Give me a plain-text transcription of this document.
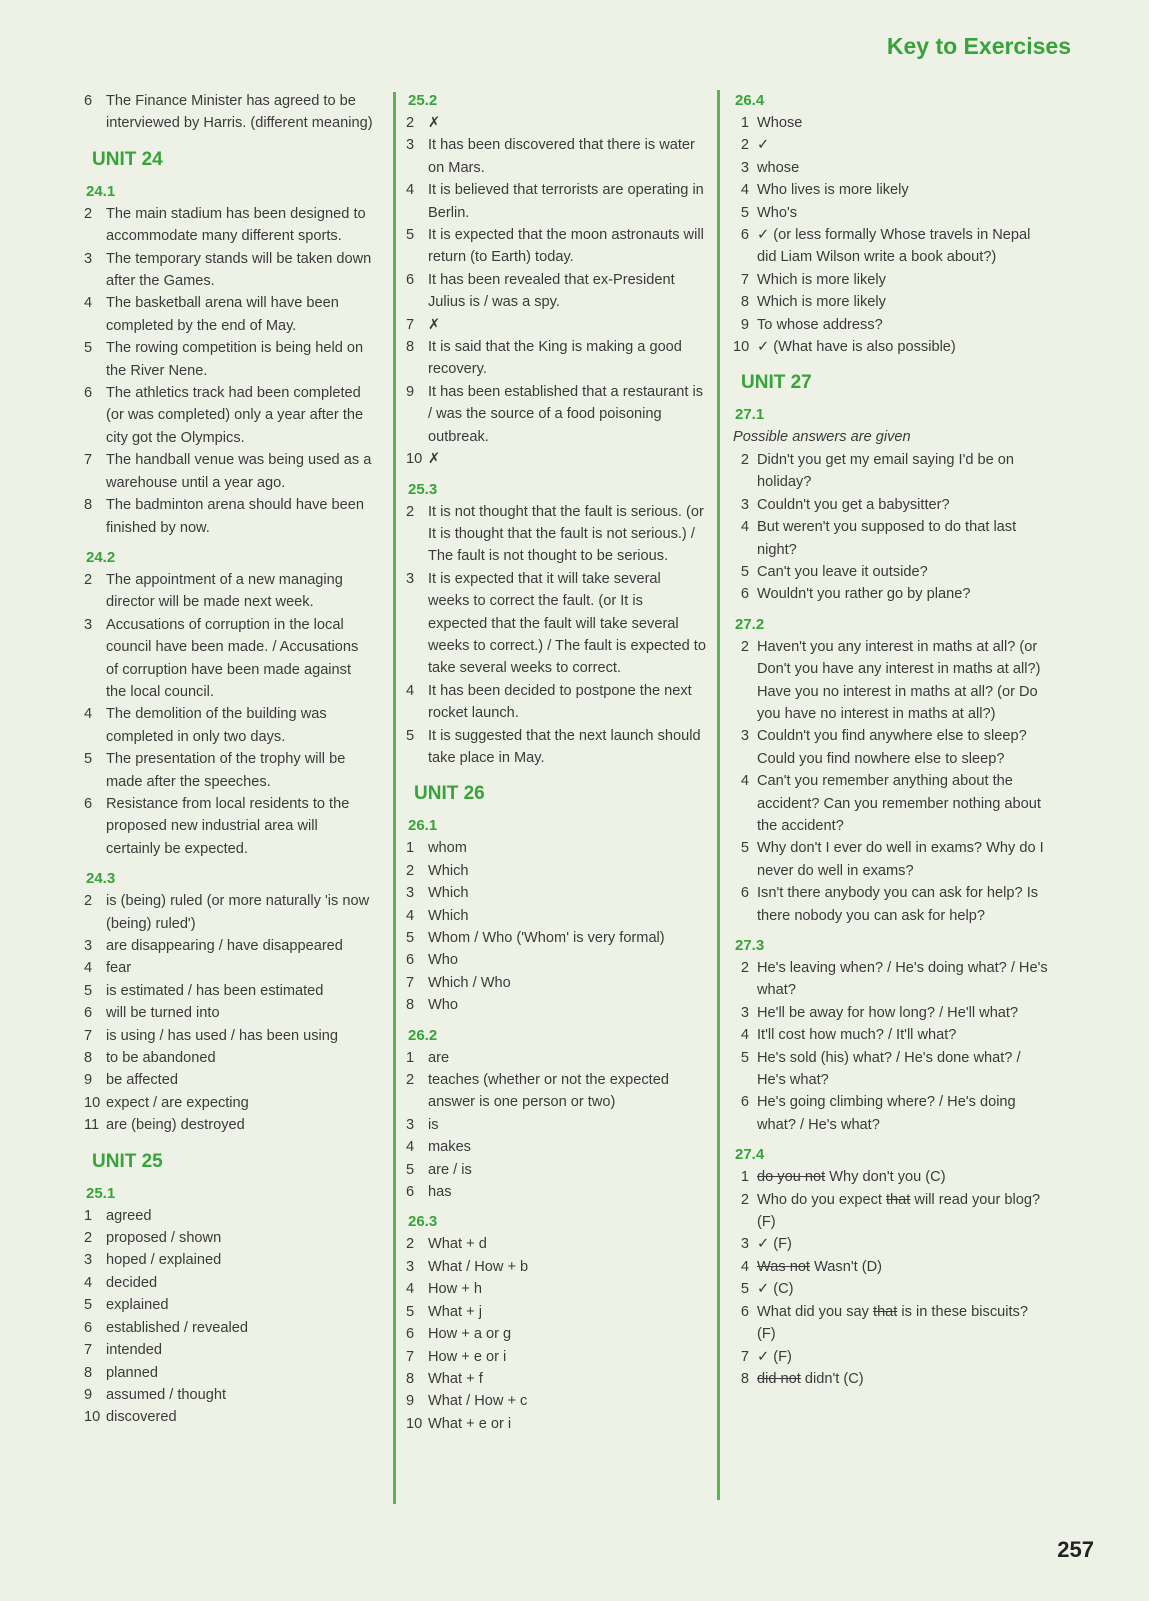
Key to Exercises
6 The Finance Minister has agreed to be interviewed by Harris. (different meaning)
UNIT 24
24.1
2 The main stadium has been designed to accommodate many different sports.
3 The temporary stands will be taken down after the Games.
4 The basketball arena will have been completed by the end of May.
5 The rowing competition is being held on the River Nene.
6 The athletics track had been completed (or was completed) only a year after the city got the Olympics.
7 The handball venue was being used as a warehouse until a year ago.
8 The badminton arena should have been finished by now.
24.2
2 The appointment of a new managing director will be made next week.
3 Accusations of corruption in the local council have been made. / Accusations of corruption have been made against the local council.
4 The demolition of the building was completed in only two days.
5 The presentation of the trophy will be made after the speeches.
6 Resistance from local residents to the proposed new industrial area will certainly be expected.
24.3
2 is (being) ruled (or more naturally 'is now (being) ruled')
3 are disappearing / have disappeared
4 fear
5 is estimated / has been estimated
6 will be turned into
7 is using / has used / has been using
8 to be abandoned
9 be affected
10 expect / are expecting
11 are (being) destroyed
UNIT 25
25.1
1 agreed
2 proposed / shown
3 hoped / explained
4 decided
5 explained
6 established / revealed
7 intended
8 planned
9 assumed / thought
10 discovered
25.2
2 ✗
3 It has been discovered that there is water on Mars.
4 It is believed that terrorists are operating in Berlin.
5 It is expected that the moon astronauts will return (to Earth) today.
6 It has been revealed that ex-President Julius is / was a spy.
7 ✗
8 It is said that the King is making a good recovery.
9 It has been established that a restaurant is / was the source of a food poisoning outbreak.
10 ✗
25.3
2 It is not thought that the fault is serious. (or It is thought that the fault is not serious.) / The fault is not thought to be serious.
3 It is expected that it will take several weeks to correct the fault. (or It is expected that the fault will take several weeks to correct.) / The fault is expected to take several weeks to correct.
4 It has been decided to postpone the next rocket launch.
5 It is suggested that the next launch should take place in May.
UNIT 26
26.1
1 whom
2 Which
3 Which
4 Which
5 Whom / Who ('Whom' is very formal)
6 Who
7 Which / Who
8 Who
26.2
1 are
2 teaches (whether or not the expected answer is one person or two)
3 is
4 makes
5 are / is
6 has
26.3
2 What + d
3 What / How + b
4 How + h
5 What + j
6 How + a or g
7 How + e or i
8 What + f
9 What / How + c
10 What + e or i
26.4
1 Whose
2 ✓
3 whose
4 Who lives is more likely
5 Who's
6 ✓ (or less formally Whose travels in Nepal did Liam Wilson write a book about?)
7 Which is more likely
8 Which is more likely
9 To whose address?
10 ✓ (What have is also possible)
UNIT 27
27.1
Possible answers are given
2 Didn't you get my email saying I'd be on holiday?
3 Couldn't you get a babysitter?
4 But weren't you supposed to do that last night?
5 Can't you leave it outside?
6 Wouldn't you rather go by plane?
27.2
2 Haven't you any interest in maths at all? (or Don't you have any interest in maths at all?) Have you no interest in maths at all? (or Do you have no interest in maths at all?)
3 Couldn't you find anywhere else to sleep? Could you find nowhere else to sleep?
4 Can't you remember anything about the accident? Can you remember nothing about the accident?
5 Why don't I ever do well in exams? Why do I never do well in exams?
6 Isn't there anybody you can ask for help? Is there nobody you can ask for help?
27.3
2 He's leaving when? / He's doing what? / He's what?
3 He'll be away for how long? / He'll what?
4 It'll cost how much? / It'll what?
5 He's sold (his) what? / He's done what? / He's what?
6 He's going climbing where? / He's doing what? / He's what?
27.4
1 do you not Why don't you (C)
2 Who do you expect that will read your blog? (F)
3 ✓ (F)
4 Was not Wasn't (D)
5 ✓ (C)
6 What did you say that is in these biscuits? (F)
7 ✓ (F)
8 did not didn't (C)
257
